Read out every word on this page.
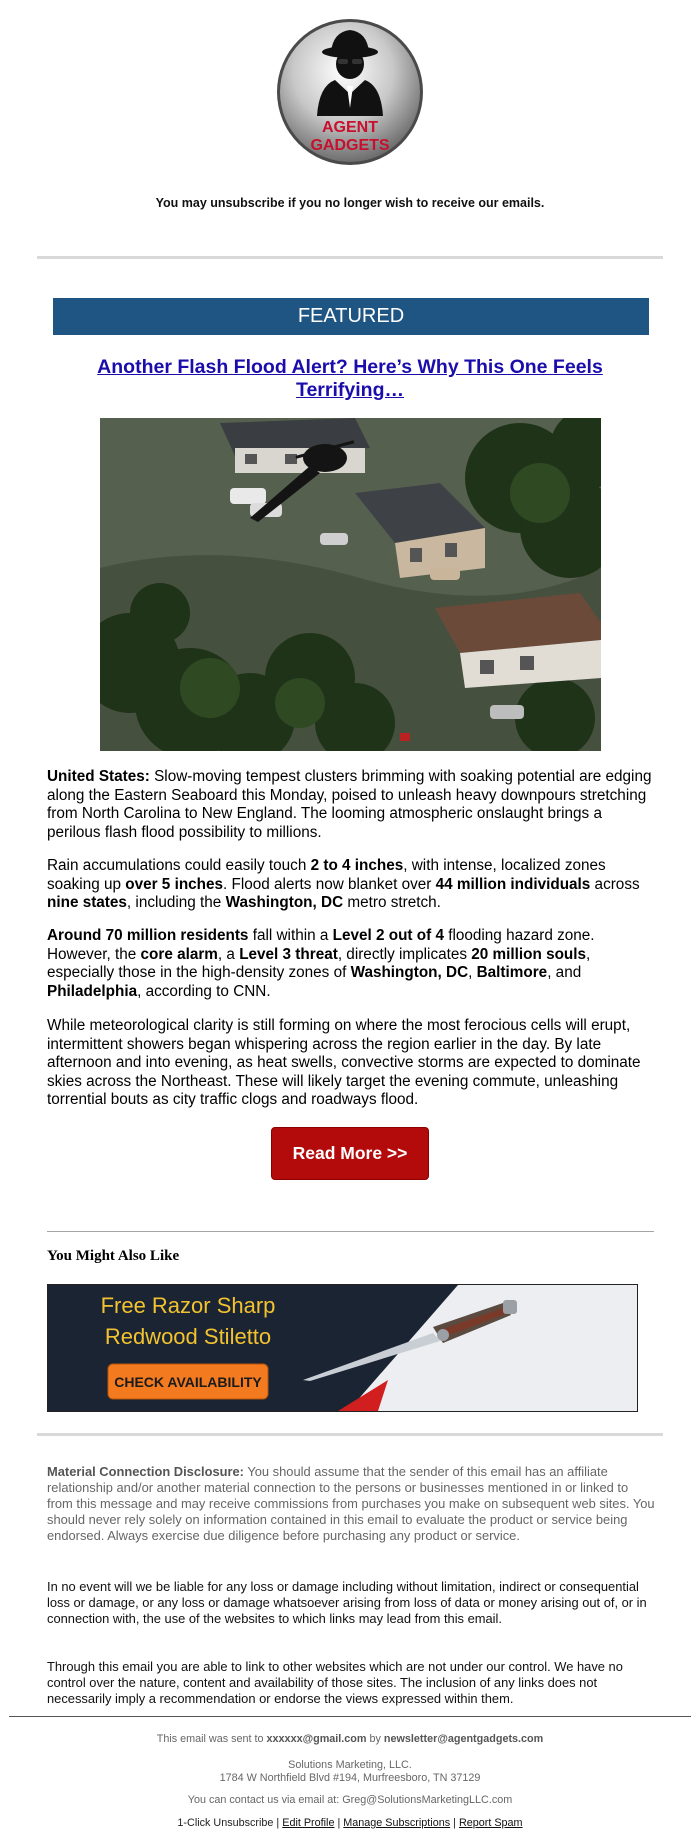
AGENT
GADGETS
You may unsubscribe if you no longer wish to receive our emails.
FEATURED
Another Flash Flood Alert? Here’s Why This One Feels Terrifying…

United States: Slow-moving tempest clusters brimming with soaking potential are edging along the Eastern Seaboard this Monday, poised to unleash heavy downpours stretching from North Carolina to New England. The looming atmospheric onslaught brings a perilous flash flood possibility to millions.

Rain accumulations could easily touch 2 to 4 inches, with intense, localized zones soaking up over 5 inches. Flood alerts now blanket over 44 million individuals across nine states, including the Washington, DC metro stretch.

Around 70 million residents fall within a Level 2 out of 4 flooding hazard zone. However, the core alarm, a Level 3 threat, directly implicates 20 million souls, especially those in the high-density zones of Washington, DC, Baltimore, and Philadelphia, according to CNN.

While meteorological clarity is still forming on where the most ferocious cells will erupt, intermittent showers began whispering across the region earlier in the day. By late afternoon and into evening, as heat swells, convective storms are expected to dominate skies across the Northeast. These will likely target the evening commute, unleashing torrential bouts as city traffic clogs and roadways flood.

Read More >>
You Might Also Like
Free Razor Sharp
Redwood Stiletto
CHECK AVAILABILITY

Material Connection Disclosure: You should assume that the sender of this email has an affiliate relationship and/or another material connection to the persons or businesses mentioned in or linked to from this message and may receive commissions from purchases you make on subsequent web sites. You should never rely solely on information contained in this email to evaluate the product or service being endorsed. Always exercise due diligence before purchasing any product or service.

In no event will we be liable for any loss or damage including without limitation, indirect or consequential loss or damage, or any loss or damage whatsoever arising from loss of data or money arising out of, or in connection with, the use of the websites to which links may lead from this email.

Through this email you are able to link to other websites which are not under our control. We have no control over the nature, content and availability of those sites. The inclusion of any links does not necessarily imply a recommendation or endorse the views expressed within them.

This email was sent to xxxxxx@gmail.com by newsletter@agentgadgets.com
Solutions Marketing, LLC.
1784 W Northfield Blvd #194, Murfreesboro, TN 37129
You can contact us via email at: Greg@SolutionsMarketingLLC.com
1-Click Unsubscribe | Edit Profile | Manage Subscriptions | Report Spam
